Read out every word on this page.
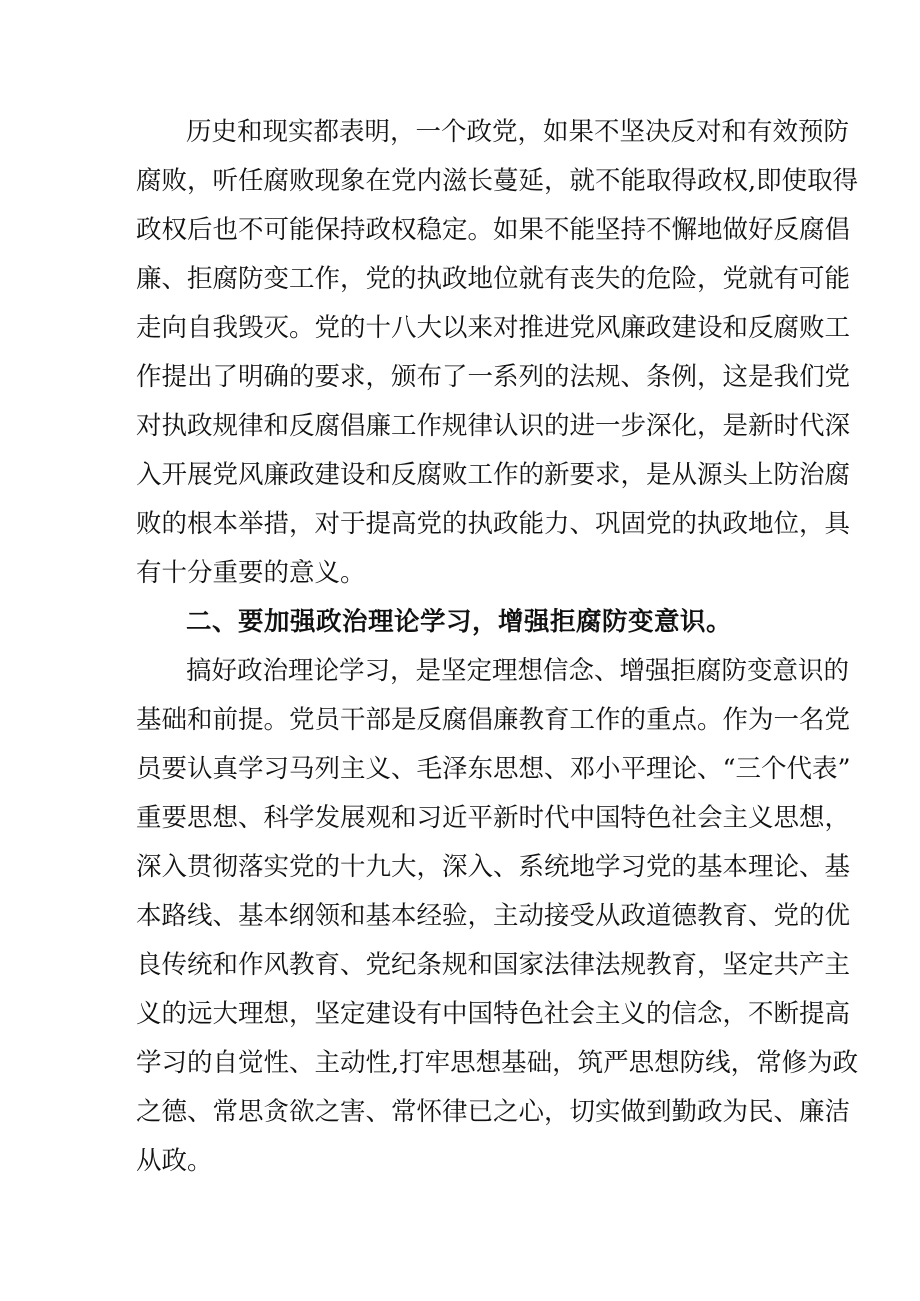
历史和现实都表明，一个政党，如果不坚决反对和有效预防
腐败，听任腐败现象在党内滋长蔓延，就不能取得政权,即使取得
政权后也不可能保持政权稳定。如果不能坚持不懈地做好反腐倡
廉、拒腐防变工作，党的执政地位就有丧失的危险，党就有可能
走向自我毁灭。党的十八大以来对推进党风廉政建设和反腐败工
作提出了明确的要求，颁布了一系列的法规、条例，这是我们党
对执政规律和反腐倡廉工作规律认识的进一步深化，是新时代深
入开展党风廉政建设和反腐败工作的新要求，是从源头上防治腐
败的根本举措，对于提高党的执政能力、巩固党的执政地位，具
有十分重要的意义。
二、要加强政治理论学习，增强拒腐防变意识。
搞好政治理论学习，是坚定理想信念、增强拒腐防变意识的
基础和前提。党员干部是反腐倡廉教育工作的重点。作为一名党
员要认真学习马列主义、毛泽东思想、邓小平理论、“三个代表”
重要思想、科学发展观和习近平新时代中国特色社会主义思想，
深入贯彻落实党的十九大，深入、系统地学习党的基本理论、基
本路线、基本纲领和基本经验，主动接受从政道德教育、党的优
良传统和作风教育、党纪条规和国家法律法规教育，坚定共产主
义的远大理想，坚定建设有中国特色社会主义的信念，不断提高
学习的自觉性、主动性,打牢思想基础，筑严思想防线，常修为政
之德、常思贪欲之害、常怀律已之心，切实做到勤政为民、廉洁
从政。
